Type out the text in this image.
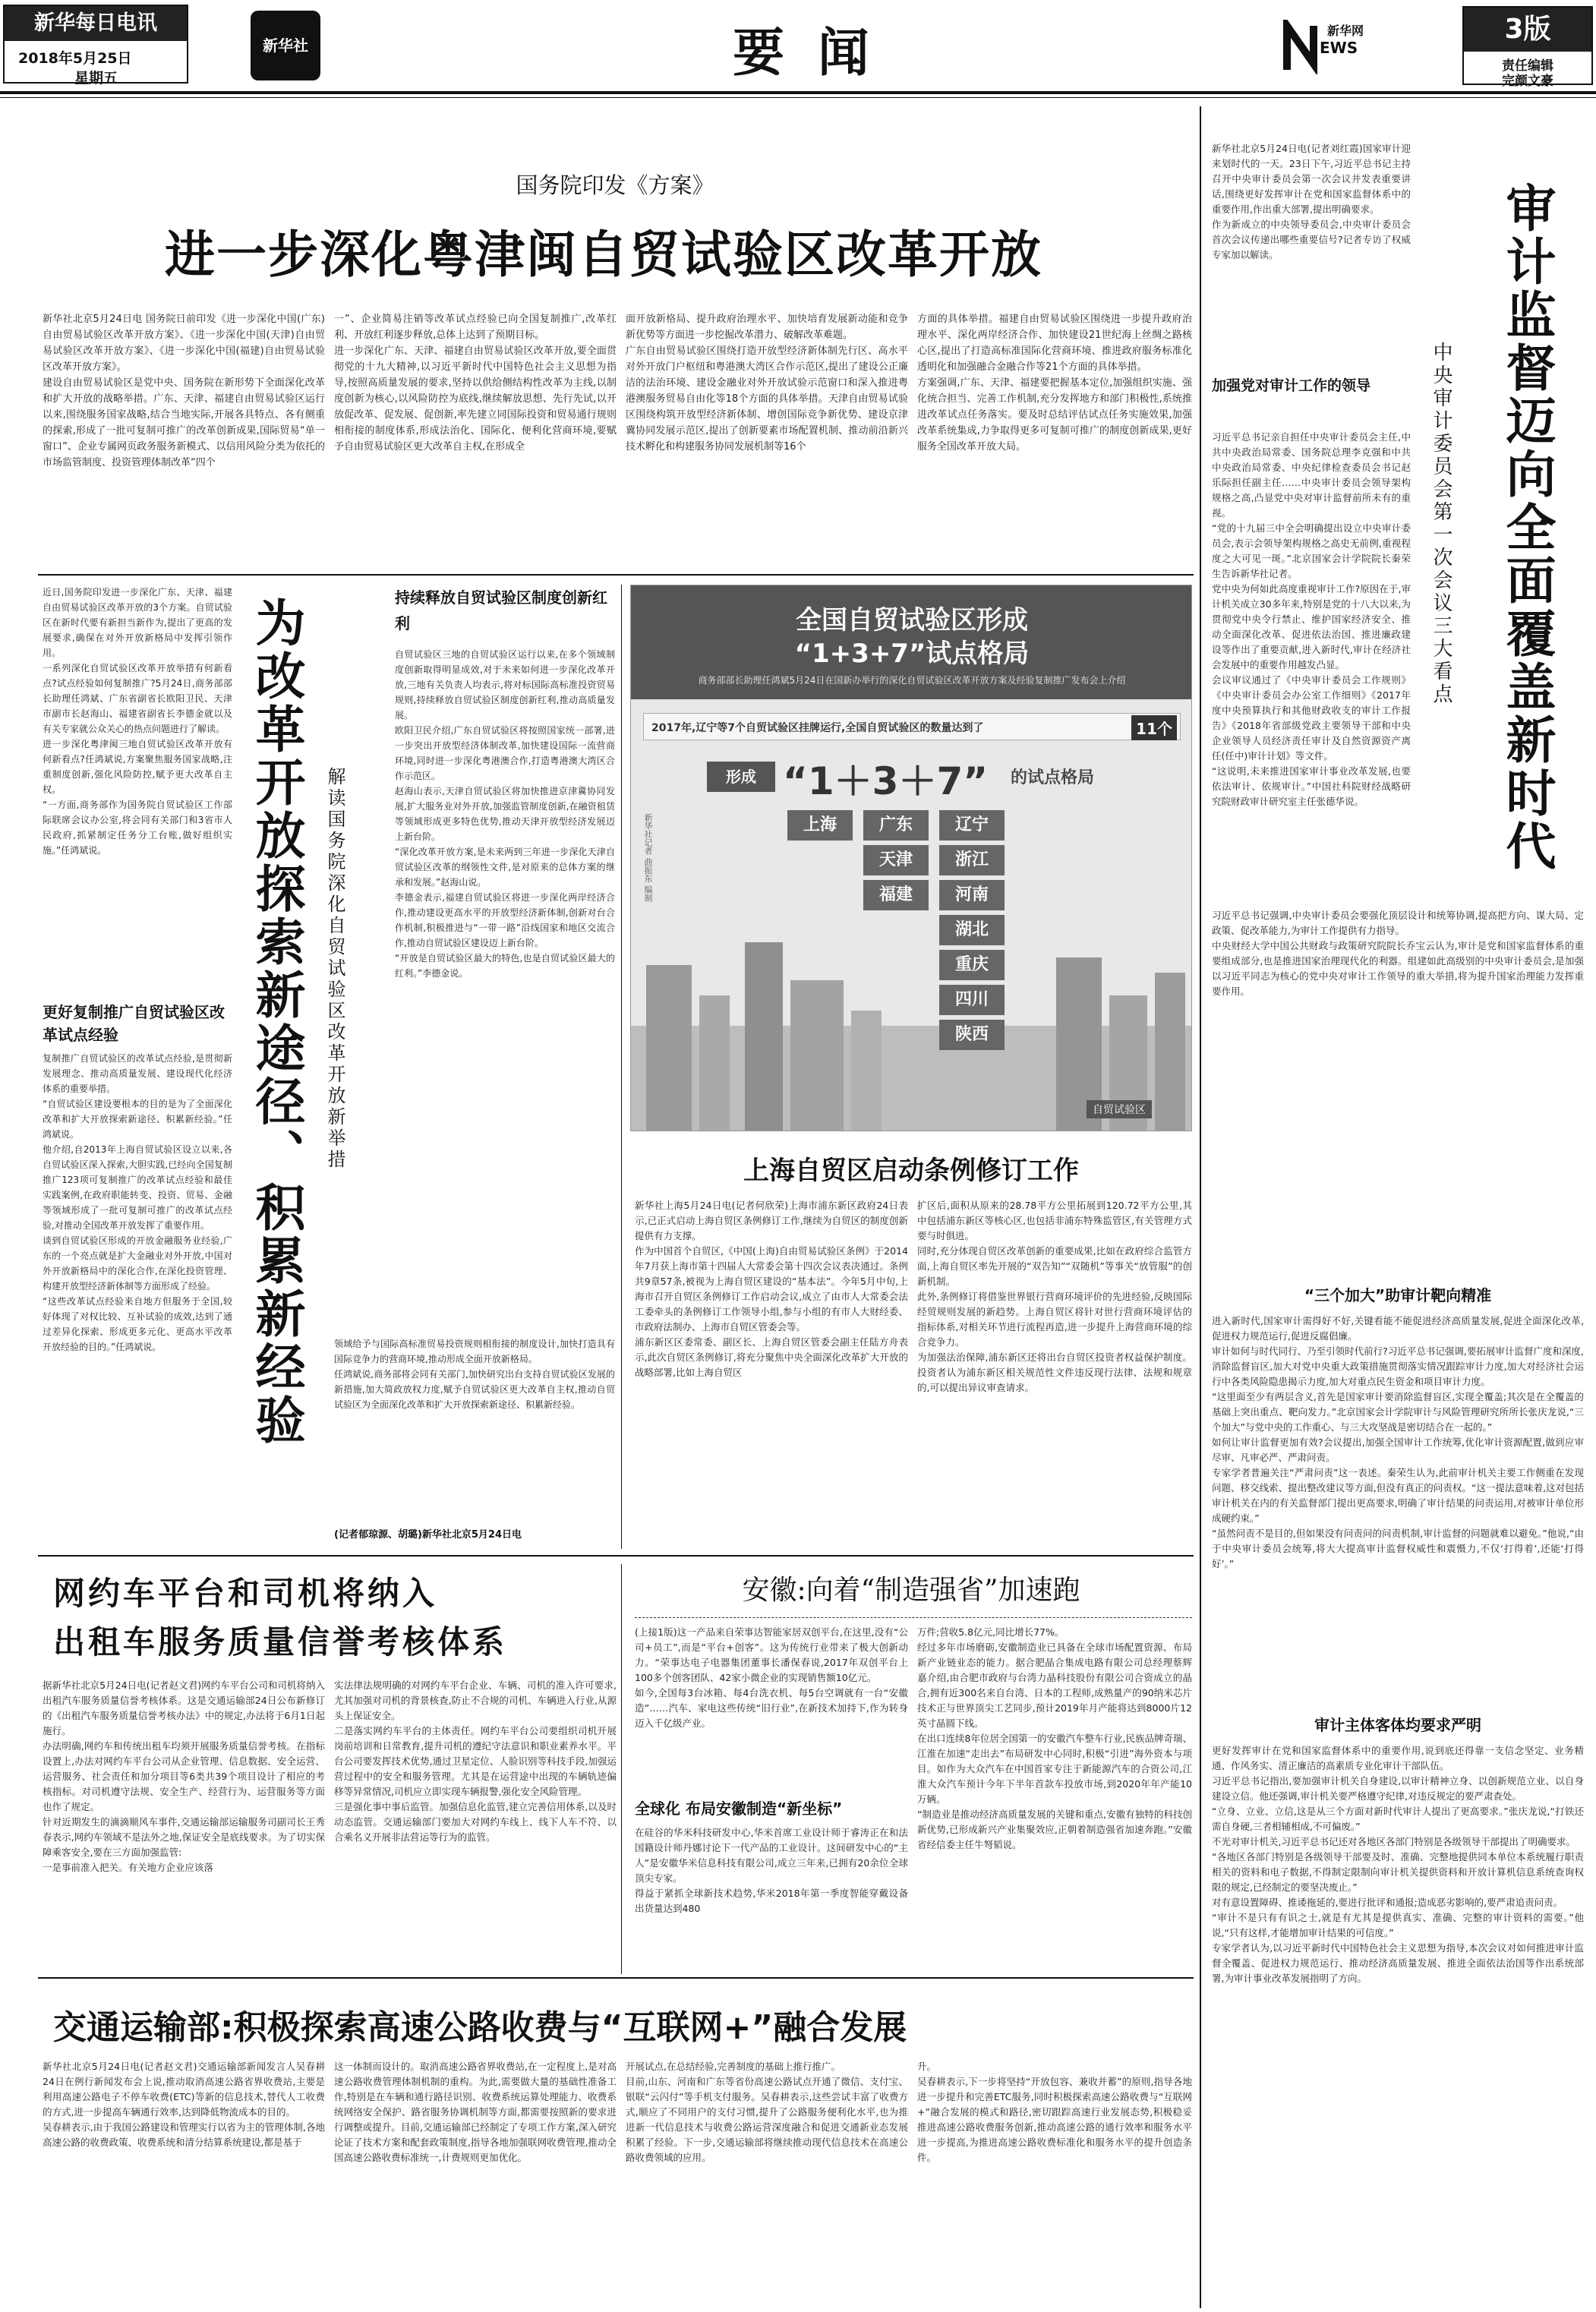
新华每日电讯
2018年5月25日
星期五
新华社	要 闻	EWS
新华网	3版
责任编辑
完颜文豪
国务院印发《方案》
进一步深化粤津闽自贸试验区改革开放
新华社北京5月24日电 国务院日前印发《进一步深化中国(广东)自由贸易试验区改革开放方案》、《进一步深化中国(天津)自由贸易试验区改革开放方案》、《进一步深化中国(福建)自由贸易试验区改革开放方案》。
建设自由贸易试验区是党中央、国务院在新形势下全面深化改革和扩大开放的战略举措。广东、天津、福建自由贸易试验区运行以来,围绕服务国家战略,结合当地实际,开展各具特点、各有侧重的探索,形成了一批可复制可推广的改革创新成果,国际贸易“单一窗口”、企业专属网页政务服务新模式、以信用风险分类为依托的市场监管制度、投资管理体制改革“四个
一”、企业简易注销等改革试点经验已向全国复制推广,改革红利、开放红利逐步释放,总体上达到了预期目标。
进一步深化广东、天津、福建自由贸易试验区改革开放,要全面贯彻党的十九大精神,以习近平新时代中国特色社会主义思想为指导,按照高质量发展的要求,坚持以供给侧结构性改革为主线,以制度创新为核心,以风险防控为底线,继续解放思想、先行先试,以开放促改革、促发展、促创新,率先建立同国际投资和贸易通行规则相衔接的制度体系,形成法治化、国际化、便利化营商环境,要赋予自由贸易试验区更大改革自主权,在形成全
面开放新格局、提升政府治理水平、加快培育发展新动能和竞争新优势等方面进一步挖掘改革潜力、破解改革难题。
广东自由贸易试验区围绕打造开放型经济新体制先行区、高水平对外开放门户枢纽和粤港澳大湾区合作示范区,提出了建设公正廉洁的法治环境、建设金融业对外开放试验示范窗口和深入推进粤港澳服务贸易自由化等18个方面的具体举措。天津自由贸易试验区围绕构筑开放型经济新体制、增创国际竞争新优势、建设京津冀协同发展示范区,提出了创新要素市场配置机制、推动前沿新兴技术孵化和构建服务协同发展机制等16个
方面的具体举措。福建自由贸易试验区围绕进一步提升政府治理水平、深化两岸经济合作、加快建设21世纪海上丝绸之路核心区,提出了打造高标准国际化营商环境、推进政府服务标准化透明化和加强融合金融合作等21个方面的具体举措。
方案强调,广东、天津、福建要把握基本定位,加强组织实施、强化统合担当、完善工作机制,充分发挥地方和部门积极性,系统推进改革试点任务落实。要及时总结评估试点任务实施效果,加强改革系统集成,力争取得更多可复制可推广的制度创新成果,更好服务全国改革开放大局。
近日,国务院印发进一步深化广东、天津、福建自由贸易试验区改革开放的3个方案。自贸试验区在新时代要有新担当新作为,提出了更高的发展要求,确保在对外开放新格局中发挥引领作用。
一系列深化自贸试验区改革开放举措有何新看点?试点经验如何复制推广?5月24日,商务部部长助理任鸿斌、广东省副省长欧阳卫民、天津市副市长赵海山、福建省副省长李德金就以及有关专家就公众关心的热点问题进行了解读。
进一步深化粤津闽三地自贸试验区改革开放有何新看点?任鸿斌说,方案聚焦服务国家战略,注重制度创新,强化风险防控,赋予更大改革自主权。
“一方面,商务部作为国务院自贸试验区工作部际联席会议办公室,将会同有关部门和3省市人民政府,抓紧制定任务分工台账,做好组织实施。”任鸿斌说。
更好复制推广自贸试验区改革试点经验
复制推广自贸试验区的改革试点经验,是贯彻新发展理念、推动高质量发展、建设现代化经济体系的重要举措。
“自贸试验区建设要根本的目的是为了全面深化改革和扩大开放探索新途径、积累新经验。”任鸿斌说。
他介绍,自2013年上海自贸试验区设立以来,各自贸试验区深入探索,大胆实践,已经向全国复制推广123项可复制推广的改革试点经验和最佳实践案例,在政府职能转变、投资、贸易、金融等领域形成了一批可复制可推广的改革试点经验,对推动全国改革开放发挥了重要作用。
谈到自贸试验区形成的开放金融服务业经验,广东的一个亮点就是扩大金融业对外开放,中国对外开放新格局中的深化合作,在深化投资管理、构建开放型经济新体制等方面形成了经验。
“这些改革试点经验来自地方但服务于全国,较好体现了对权比较、互补试验的成效,达到了通过差异化探索、形成更多元化、更高水平改革开放经验的目的。”任鸿斌说。	为改革开放探索新途径、积累新经验 解读国务院深化自贸试验区改革开放新举措
持续释放自贸试验区制度创新红利
自贸试验区三地的自贸试验区运行以来,在多个领域制度创新取得明显成效,对于未来如何进一步深化改革开放,三地有关负责人均表示,将对标国际高标准投资贸易规则,持续释放自贸试验区制度创新红利,推动高质量发展。
欧阳卫民介绍,广东自贸试验区将按照国家统一部署,进一步突出开放型经济体制改革,加快建设国际一流营商环境,同时进一步深化粤港澳合作,打造粤港澳大湾区合作示范区。
赵海山表示,天津自贸试验区将加快推进京津冀协同发展,扩大服务业对外开放,加强监管制度创新,在融资租赁等领域形成更多特色优势,推动天津开放型经济发展迈上新台阶。
“深化改革开放方案,是未来两到三年进一步深化天津自贸试验区改革的纲领性文件,是对原来的总体方案的继承和发展。”赵海山说。
李德金表示,福建自贸试验区将进一步深化两岸经济合作,推动建设更高水平的开放型经济新体制,创新对台合作机制,积极推进与“一带一路”沿线国家和地区交流合作,推动自贸试验区建设迈上新台阶。
“开放是自贸试验区最大的特色,也是自贸试验区最大的红利。”李德金说。
领域给予与国际高标准贸易投资规则相衔接的制度设计,加快打造具有国际竞争力的营商环境,推动形成全面开放新格局。
任鸿斌说,商务部将会同有关部门,加快研究出台支持自贸试验区发展的新措施,加大简政放权力度,赋予自贸试验区更大改革自主权,推动自贸试验区为全面深化改革和扩大开放探索新途径、积累新经验。
(记者郁琼源、胡璐)新华社北京5月24日电
全国自贸试验区形成
“1+3+7”试点格局
商务部部长助理任鸿斌5月24日在国新办举行的深化自贸试验区改革开放方案及经验复制推广发布会上介绍
2017年,辽宁等7个自贸试验区挂牌运行,全国自贸试验区的数量达到了	11个
形成 “1＋3＋7” 的试点格局
新华社记者 曲振东 编制
自贸试验区
上海	广东
天津
福建
辽宁
浙江
河南
湖北
重庆
四川
陕西
上海自贸区启动条例修订工作
新华社上海5月24日电(记者何欣荣)上海市浦东新区政府24日表示,已正式启动上海自贸区条例修订工作,继续为自贸区的制度创新提供有力支撑。
作为中国首个自贸区,《中国(上海)自由贸易试验区条例》于2014年7月获上海市第十四届人大常委会第十四次会议表决通过。条例共9章57条,被视为上海自贸区建设的“基本法”。今年5月中旬,上海市召开自贸区条例修订工作启动会议,成立了由市人大常委会法工委牵头的条例修订工作领导小组,参与小组的有市人大财经委、市政府法制办、上海市自贸区管委会等。
浦东新区区委常委、副区长、上海自贸区管委会副主任陆方舟表示,此次自贸区条例修订,将充分聚焦中央全面深化改革扩大开放的战略部署,比如上海自贸区
扩区后,面积从原来的28.78平方公里拓展到120.72平方公里,其中包括浦东新区等核心区,也包括非浦东特殊监管区,有关管理方式要与时俱进。
同时,充分体现自贸区改革创新的重要成果,比如在政府综合监管方面,上海自贸区率先开展的“双告知”“双随机”等事关“放管服”的创新机制。
此外,条例修订将借鉴世界银行营商环境评价的先进经验,反映国际经贸规则发展的新趋势。上海自贸区将针对世行营商环境评估的指标体系,对相关环节进行流程再造,进一步提升上海营商环境的综合竞争力。
为加强法治保障,浦东新区还将出台自贸区投资者权益保护制度。投资者认为浦东新区相关规范性文件违反现行法律、法规和规章的,可以提出异议审查请求。
网约车平台和司机将纳入
出租车服务质量信誉考核体系
据新华社北京5月24日电(记者赵文君)网约车平台公司和司机将纳入出租汽车服务质量信誉考核体系。这是交通运输部24日公布新修订的《出租汽车服务质量信誉考核办法》中的规定,办法将于6月1日起施行。
办法明确,网约车和传统出租车均须开展服务质量信誉考核。在指标设置上,办法对网约车平台公司从企业管理、信息数据、安全运营、运营服务、社会责任和加分项目等6类共39个项目设计了相应的考核指标。对司机遵守法规、安全生产、经营行为、运营服务等方面也作了规定。
针对近期发生的滴滴顺风车事件,交通运输部运输服务司副司长王秀春表示,网约车领域不是法外之地,保证安全是底线要求。为了切实保障乘客安全,要在三方面加强监管:
一是事前准入把关。有关地方企业应该落
实法律法规明确的对网约车平台企业、车辆、司机的准入许可要求,尤其加强对司机的背景核查,防止不合规的司机、车辆进入行业,从源头上保证安全。
二是落实网约车平台的主体责任。网约车平台公司要组织司机开展岗前培训和日常教育,提升司机的遵纪守法意识和职业素养水平。平台公司要发挥技术优势,通过卫星定位、人脸识别等科技手段,加强运营过程中的安全和服务管理。尤其是在运营途中出现的车辆轨迹偏移等异常情况,司机应立即实现车辆报警,强化安全风险管理。
三是强化事中事后监管。加强信息化监管,建立完善信用体系,以及时动态监管。交通运输部门要加大对网约车线上、线下人车不符、以合乘名义开展非法营运等行为的监管。
安徽:向着“制造强省”加速跑
(上接1版)这一产品来自荣事达智能家居双创平台,在这里,没有“公司+员工”,而是“平台+创客”。这为传统行业带来了极大创新动力。“荣事达电子电器集团董事长潘保春说,2017年双创平台上100多个创客团队、42家小微企业的实现销售额10亿元。
如今,全国每3台冰箱、每4台洗衣机、每5台空调就有一台“安徽造”……汽车、家电这些传统“旧行业”,在新技术加持下,作为转身迈入千亿级产业。
全球化 布局安徽制造“新坐标”
在硅谷的华米科技研发中心,华米首席工业设计师于睿涛正在和法国籍设计师丹娜讨论下一代产品的工业设计。这间研发中心的“主人”是安徽华米信息科技有限公司,成立三年来,已拥有20余位全球顶尖专家。
得益于紧抓全球新技术趋势,华米2018年第一季度智能穿戴设备出货量达到480
万件;营收5.8亿元,同比增长77%。
经过多年市场磨砺,安徽制造业已具备在全球市场配置资源、布局新产业链业态的能力。据合肥晶合集成电路有限公司总经理蔡辉嘉介绍,由合肥市政府与台湾力晶科技股份有限公司合资成立的晶合,拥有近300名来自台湾、日本的工程师,成熟量产的90纳米芯片技术正与世界顶尖工艺同步,预计2019年月产能将达到8000片12英寸晶圆下线。
在出口连续8年位居全国第一的安徽汽车整车行业,民族品牌奇瑞、江淮在加速“走出去”布局研发中心同时,积极“引进”海外资本与项目。如作为大众汽车在中国首家专注于新能源汽车的合资公司,江淮大众汽车预计今年下半年首款车投放市场,到2020年年产能10万辆。
“制造业是推动经济高质量发展的关键和重点,安徽有独特的科技创新优势,已形成新兴产业集聚效应,正朝着制造强省加速奔跑。”安徽省经信委主任牛弩韬说。
交通运输部:积极探索高速公路收费与“互联网+”融合发展
新华社北京5月24日电(记者赵文君)交通运输部新闻发言人吴春耕24日在例行新闻发布会上说,推动取消高速公路省界收费站,主要是利用高速公路电子不停车收费(ETC)等新的信息技术,替代人工收费的方式,进一步提高车辆通行效率,达到降低物流成本的目的。
吴春耕表示,由于我国公路建设和管理实行以省为主的管理体制,各地高速公路的收费政策、收费系统和清分结算系统建设,都是基于
这一体制而设计的。取消高速公路省界收费站,在一定程度上,是对高速公路收费管理体制机制的重构。为此,需要做大量的基础性准备工作,特别是在车辆和通行路径识别、收费系统运算处理能力、收费系统网络安全保护、路省服务协调机制等方面,都需要按照新的要求进行调整或提升。目前,交通运输部已经制定了专项工作方案,深入研究论证了技术方案和配套政策制度,指导各地加强联网收费管理,推动全国高速公路收费标准统一,计费规则更加优化。
开展试点,在总结经验,完善制度的基础上推行推广。
目前,山东、河南和广东等省份高速公路试点开通了微信、支付宝、银联“云闪付”等手机支付服务。吴春耕表示,这些尝试丰富了收费方式,顺应了不同用户的支付习惯,提升了公路服务便利化水平,也为推进新一代信息技术与收费公路运营深度融合和促进交通新业态发展积累了经验。下一步,交通运输部将继续推动现代信息技术在高速公路收费领域的应用。
升。
吴春耕表示,下一步将坚持“开放包容、兼收并蓄”的原则,指导各地进一步提升和完善ETC服务,同时积极探索高速公路收费与“互联网+”融合发展的模式和路径,密切跟踪高速行业发展态势,积极稳妥推进高速公路收费服务创新,推动高速公路的通行效率和服务水平进一步提高,为推进高速公路收费标准化和服务水平的提升创造条件。
新华社北京5月24日电(记者刘红霞)国家审计迎来划时代的一天。23日下午,习近平总书记主持召开中央审计委员会第一次会议并发表重要讲话,围绕更好发挥审计在党和国家监督体系中的重要作用,作出重大部署,提出明确要求。
作为新成立的中央领导委员会,中央审计委员会首次会议传递出哪些重要信号?记者专访了权威专家加以解读。	审计监督迈向全面覆盖新时代
中央审计委员会第一次会议三大看点
加强党对审计工作的领导
习近平总书记亲自担任中央审计委员会主任,中共中央政治局常委、国务院总理李克强和中共中央政治局常委、中央纪律检查委员会书记赵乐际担任副主任……中央审计委员会领导架构规格之高,凸显党中央对审计监督前所未有的重视。
“党的十九届三中全会明确提出设立中央审计委员会,表示会领导架构规格之高史无前例,重视程度之大可见一斑。”北京国家会计学院院长秦荣生告诉新华社记者。
党中央为何如此高度重视审计工作?原因在于,审计机关成立30多年来,特别是党的十八大以来,为贯彻党中央令行禁止、维护国家经济安全、推动全面深化改革、促进依法治国、推进廉政建设等作出了重要贡献,进入新时代,审计在经济社会发展中的重要作用越发凸显。
会议审议通过了《中央审计委员会工作规则》《中央审计委员会办公室工作细则》《2017年度中央预算执行和其他财政收支的审计工作报告》《2018年省部级党政主要领导干部和中央企业领导人员经济责任审计及自然资源资产离任(任中)审计计划》等文件。
“这说明,未来推进国家审计事业改革发展,也要依法审计、依规审计。”中国社科院财经战略研究院财政审计研究室主任张德华说。
习近平总书记强调,中央审计委员会要强化顶层设计和统筹协调,提高把方向、谋大局、定政策、促改革能力,为审计工作提供有力指导。
中央财经大学中国公共财政与政策研究院院长乔宝云认为,审计是党和国家监督体系的重要组成部分,也是推进国家治理现代化的利器。组建如此高级别的中央审计委员会,是加强以习近平同志为核心的党中央对审计工作领导的重大举措,将为提升国家治理能力发挥重要作用。
“三个加大”助审计靶向精准
进入新时代,国家审计需得好不好,关键看能不能促进经济高质量发展,促进全面深化改革,促进权力规范运行,促进反腐倡廉。
审计如何与时代同行、乃至引领时代前行?习近平总书记强调,要拓展审计监督广度和深度,消除监督盲区,加大对党中央重大政策措施贯彻落实情况跟踪审计力度,加大对经济社会运行中各类风险隐患揭示力度,加大对重点民生资金和项目审计力度。
“这里面至少有两层含义,首先是国家审计要消除监督盲区,实现全覆盖;其次是在全覆盖的基础上突出重点、靶向发力。”北京国家会计学院审计与风险管理研究所所长张庆龙说,“三个加大”与党中央的工作重心、与三大攻坚战是密切结合在一起的。”
如何让审计监督更加有效?会议提出,加强全国审计工作统筹,优化审计资源配置,做到应审尽审、凡审必严、严肃问责。
专家学者普遍关注“严肃问责”这一表述。秦荣生认为,此前审计机关主要工作侧重在发现问题、移交线索、提出整改建议等方面,但没有真正的问责权。“这一提法意味着,这对包括审计机关在内的有关监督部门提出更高要求,明确了审计结果的问责运用,对被审计单位形成硬约束。”
“虽然问责不是目的,但如果没有问责问的问责机制,审计监督的问题就难以避免。”他说,“由于中央审计委员会统筹,将大大提高审计监督权威性和震慑力,不仅‘打得着’,还能‘打得好’。”
审计主体客体均要求严明
更好发挥审计在党和国家监督体系中的重要作用,说到底还得靠一支信念坚定、业务精通、作风务实、清正廉洁的高素质专业化审计干部队伍。
习近平总书记指出,要加强审计机关自身建设,以审计精神立身、以创新规范立业、以自身建设立信。他还强调,审计机关要严格遵守纪律,对违反规定的要严肃查处。
“立身、立业、立信,这是从三个方面对新时代审计人提出了更高要求。”张庆龙说,“打铁还需自身硬,三者相辅相成,不可偏废。”
不光对审计机关,习近平总书记还对各地区各部门特别是各级领导干部提出了明确要求。
“各地区各部门特别是各级领导干部要及时、准确、完整地提供同本单位本系统履行职责相关的资料和电子数据,不得制定限制向审计机关提供资料和开放计算机信息系统查询权限的规定,已经制定的要坚决废止。”
对有意设置障碍、推诿拖延的,要进行批评和通报;造成恶劣影响的,要严肃追责问责。
“审计不是只有有识之士,就是有尤其是提供真实、准确、完整的审计资料的需要。”他说,“只有这样,才能增加审计结果的可信度。”
专家学者认为,以习近平新时代中国特色社会主义思想为指导,本次会议对如何推进审计监督全覆盖、促进权力规范运行、推动经济高质量发展、推进全面依法治国等作出系统部署,为审计事业改革发展指明了方向。
